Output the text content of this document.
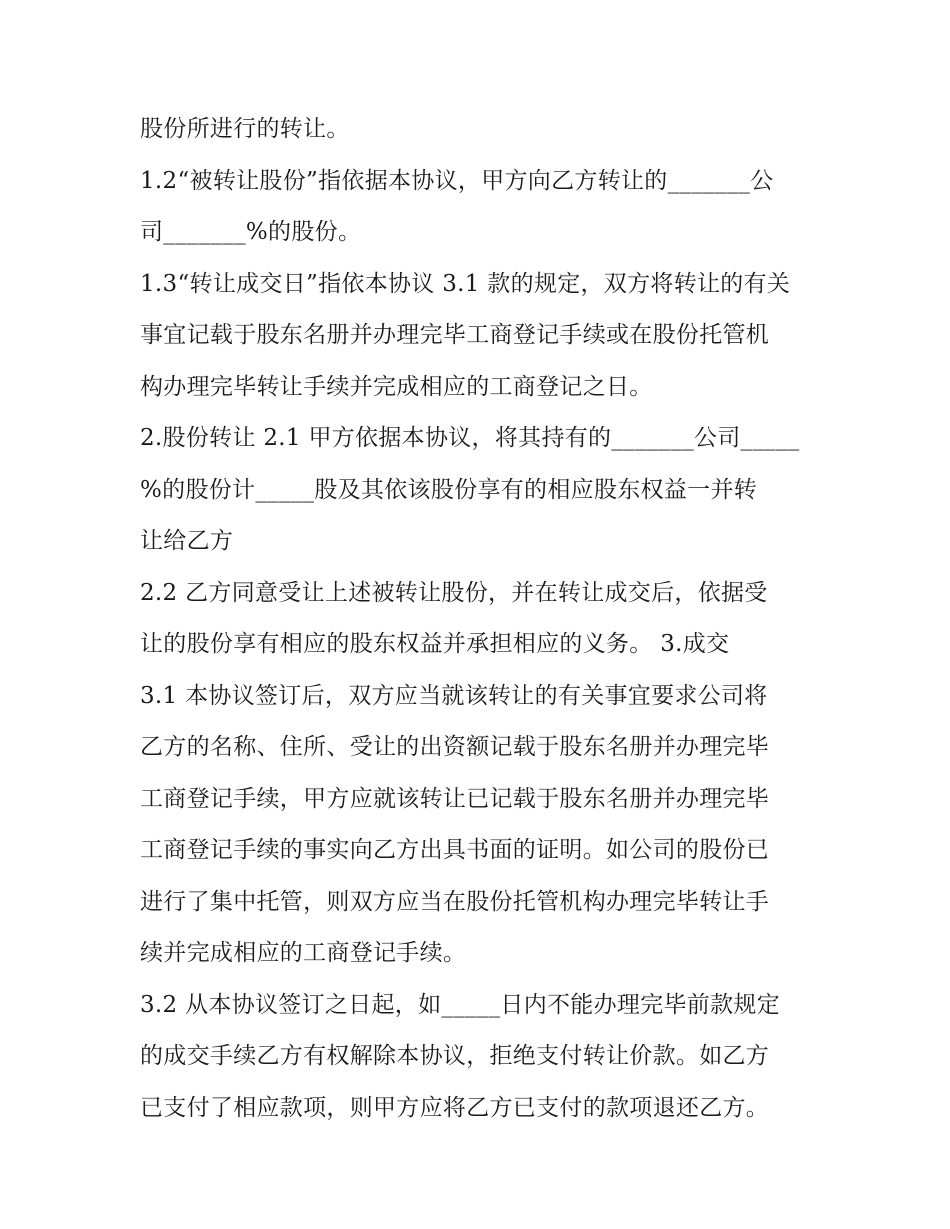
股份所进行的转让。
1.2“被转让股份”指依据本协议，甲方向乙方转让的_______公
司_______%的股份。
1.3“转让成交日”指依本协议 3.1 款的规定，双方将转让的有关
事宜记载于股东名册并办理完毕工商登记手续或在股份托管机
构办理完毕转让手续并完成相应的工商登记之日。
2.股份转让 2.1 甲方依据本协议，将其持有的_______公司_____
%的股份计_____股及其依该股份享有的相应股东权益一并转
让给乙方
2.2 乙方同意受让上述被转让股份，并在转让成交后，依据受
让的股份享有相应的股东权益并承担相应的义务。 3.成交
3.1 本协议签订后，双方应当就该转让的有关事宜要求公司将
乙方的名称、住所、受让的出资额记载于股东名册并办理完毕
工商登记手续，甲方应就该转让已记载于股东名册并办理完毕
工商登记手续的事实向乙方出具书面的证明。如公司的股份已
进行了集中托管，则双方应当在股份托管机构办理完毕转让手
续并完成相应的工商登记手续。
3.2 从本协议签订之日起，如_____日内不能办理完毕前款规定
的成交手续乙方有权解除本协议，拒绝支付转让价款。如乙方
已支付了相应款项，则甲方应将乙方已支付的款项退还乙方。
